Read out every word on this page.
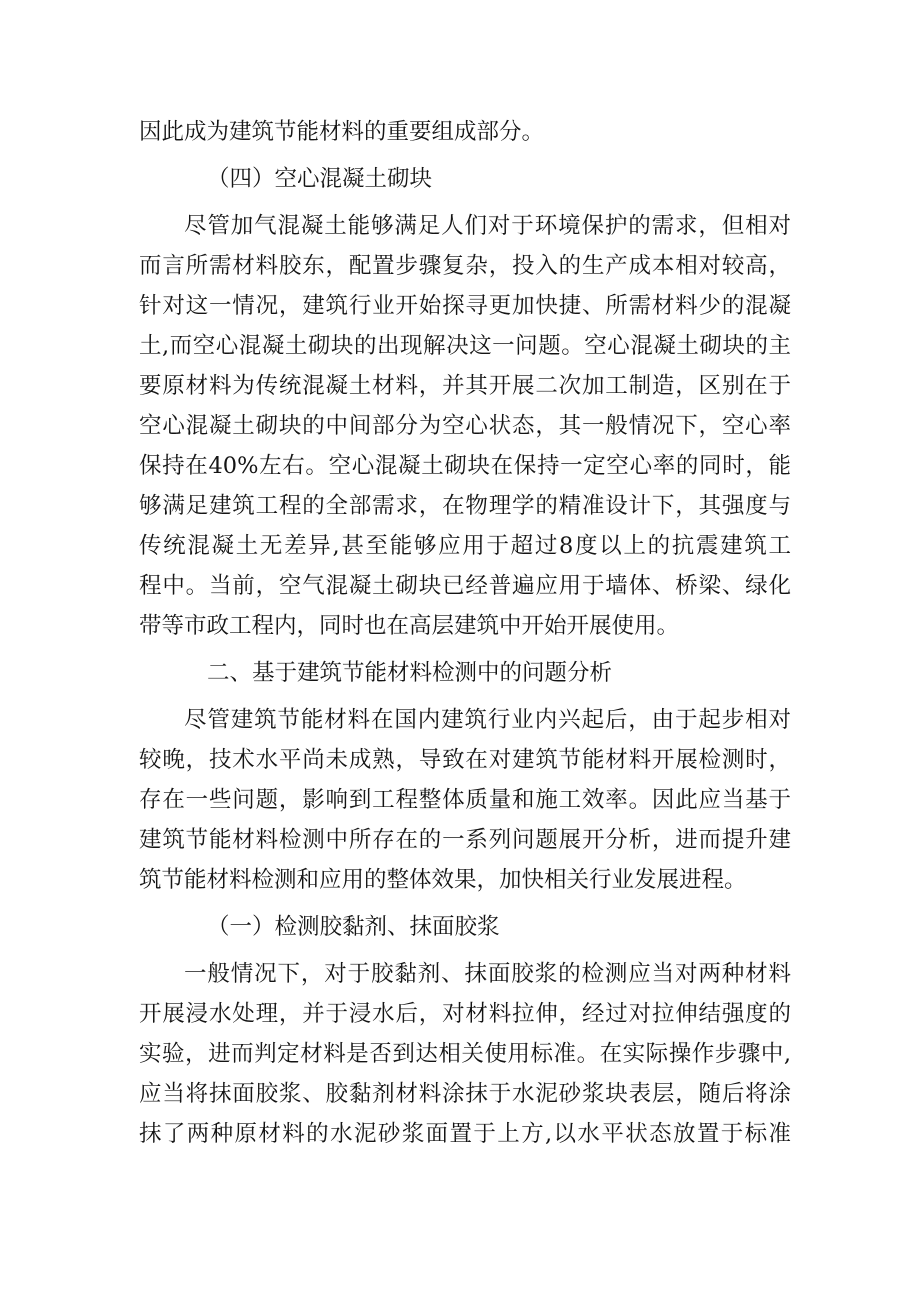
因此成为建筑节能材料的重要组成部分。
（四）空心混凝土砌块
尽管加气混凝土能够满足人们对于环境保护的需求，但相对
而言所需材料胶东，配置步骤复杂，投入的生产成本相对较高，
针对这一情况，建筑行业开始探寻更加快捷、所需材料少的混凝
土,而空心混凝土砌块的出现解决这一问题。空心混凝土砌块的主
要原材料为传统混凝土材料，并其开展二次加工制造，区别在于
空心混凝土砌块的中间部分为空心状态，其一般情况下，空心率
保持在40%左右。空心混凝土砌块在保持一定空心率的同时，能
够满足建筑工程的全部需求，在物理学的精准设计下，其强度与
传统混凝土无差异,甚至能够应用于超过8度以上的抗震建筑工
程中。当前，空气混凝土砌块已经普遍应用于墙体、桥梁、绿化
带等市政工程内，同时也在高层建筑中开始开展使用。
二、基于建筑节能材料检测中的问题分析
尽管建筑节能材料在国内建筑行业内兴起后，由于起步相对
较晚，技术水平尚未成熟，导致在对建筑节能材料开展检测时，
存在一些问题，影响到工程整体质量和施工效率。因此应当基于
建筑节能材料检测中所存在的一系列问题展开分析，进而提升建
筑节能材料检测和应用的整体效果，加快相关行业发展进程。
（一）检测胶黏剂、抹面胶浆
一般情况下，对于胶黏剂、抹面胶浆的检测应当对两种材料
开展浸水处理，并于浸水后，对材料拉伸，经过对拉伸结强度的
实验，进而判定材料是否到达相关使用标准。在实际操作步骤中,
应当将抹面胶浆、胶黏剂材料涂抹于水泥砂浆块表层，随后将涂
抹了两种原材料的水泥砂浆面置于上方,以水平状态放置于标准
